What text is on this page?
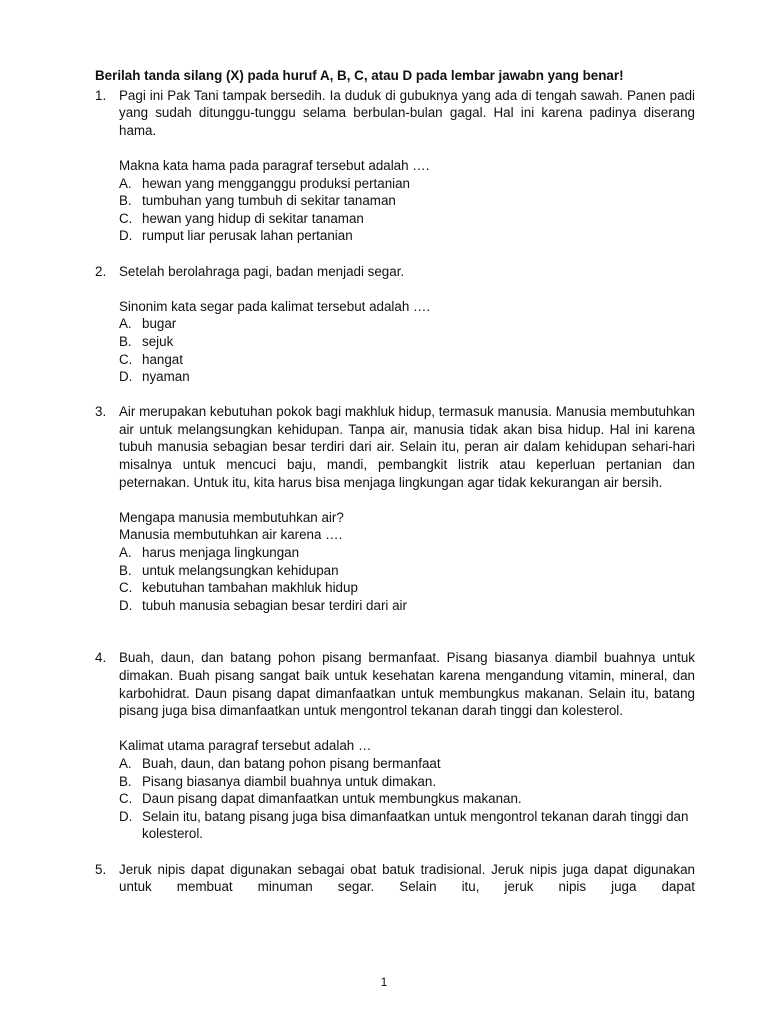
Berilah tanda silang (X) pada huruf A, B, C, atau D pada lembar jawabn yang benar!

1. Pagi ini Pak Tani tampak bersedih. Ia duduk di gubuknya yang ada di tengah sawah. Panen padi yang sudah ditunggu-tunggu selama berbulan-bulan gagal. Hal ini karena padinya diserang hama.

Makna kata hama pada paragraf tersebut adalah ….

A. hewan yang mengganggu produksi pertanian
B. tumbuhan yang tumbuh di sekitar tanaman
C. hewan yang hidup di sekitar tanaman
D. rumput liar perusak lahan pertanian
2. Setelah berolahraga pagi, badan menjadi segar.

Sinonim kata segar pada kalimat tersebut adalah ….

A. bugar
B. sejuk
C. hangat
D. nyaman
3. Air merupakan kebutuhan pokok bagi makhluk hidup, termasuk manusia. Manusia membutuhkan air untuk melangsungkan kehidupan. Tanpa air, manusia tidak akan bisa hidup. Hal ini karena tubuh manusia sebagian besar terdiri dari air. Selain itu, peran air dalam kehidupan sehari-hari misalnya untuk mencuci baju, mandi, pembangkit listrik atau keperluan pertanian dan peternakan. Untuk itu, kita harus bisa menjaga lingkungan agar tidak kekurangan air bersih.

Mengapa manusia membutuhkan air?

Manusia membutuhkan air karena ….

A. harus menjaga lingkungan
B. untuk melangsungkan kehidupan
C. kebutuhan tambahan makhluk hidup
D. tubuh manusia sebagian besar terdiri dari air
4. Buah, daun, dan batang pohon pisang bermanfaat. Pisang biasanya diambil buahnya untuk dimakan. Buah pisang sangat baik untuk kesehatan karena mengandung vitamin, mineral, dan karbohidrat. Daun pisang dapat dimanfaatkan untuk membungkus makanan. Selain itu, batang pisang juga bisa dimanfaatkan untuk mengontrol tekanan darah tinggi dan kolesterol.

Kalimat utama paragraf tersebut adalah …

A. Buah, daun, dan batang pohon pisang bermanfaat
B. Pisang biasanya diambil buahnya untuk dimakan.
C. Daun pisang dapat dimanfaatkan untuk membungkus makanan.
D. Selain itu, batang pisang juga bisa dimanfaatkan untuk mengontrol tekanan darah tinggi dan kolesterol.
5. Jeruk nipis dapat digunakan sebagai obat batuk tradisional. Jeruk nipis juga dapat digunakan untuk membuat minuman segar. Selain itu, jeruk nipis juga dapat

1
